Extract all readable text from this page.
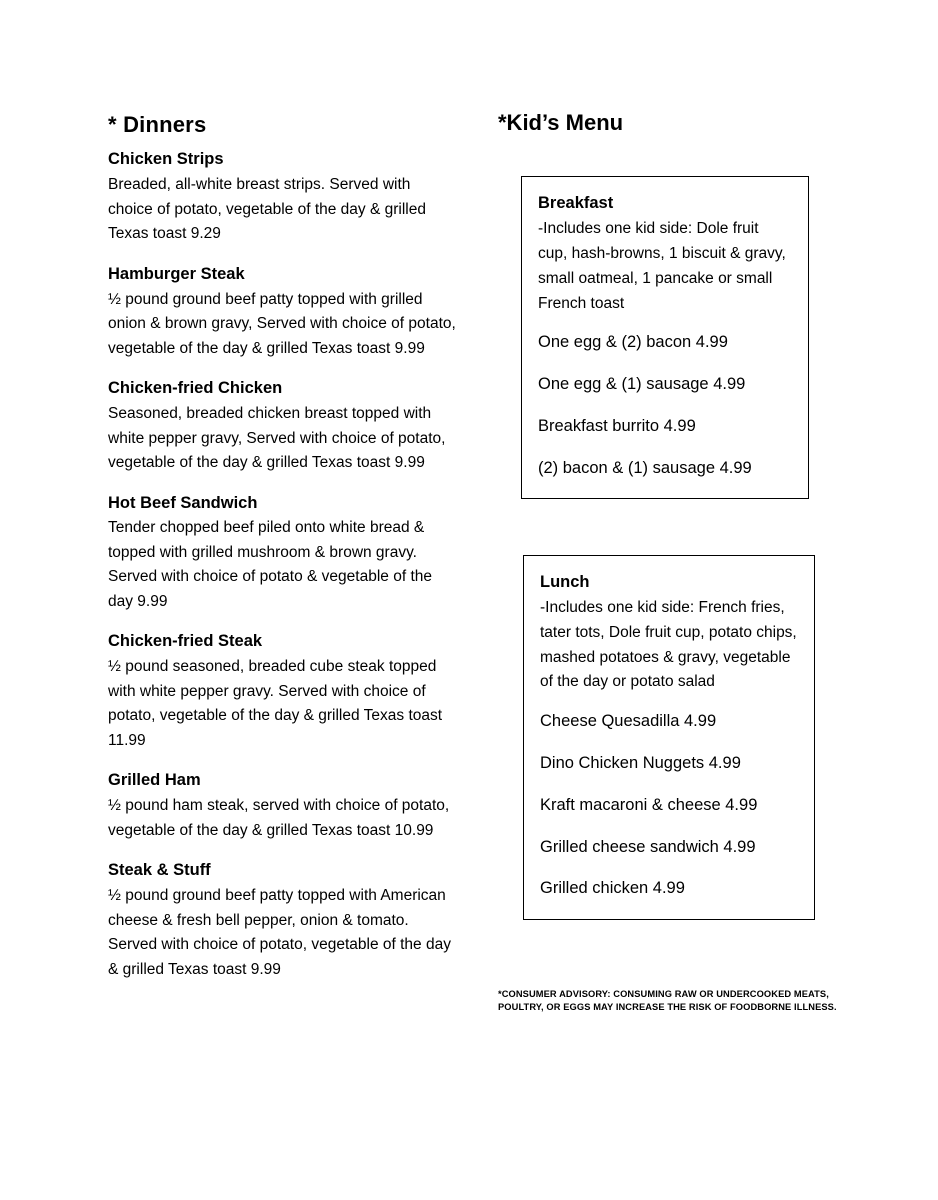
* Dinners
Chicken Strips
Breaded, all-white breast strips. Served with choice of potato, vegetable of the day & grilled Texas toast 9.29
Hamburger Steak
½ pound ground beef patty topped with grilled onion & brown gravy, Served with choice of potato, vegetable of the day & grilled Texas toast 9.99
Chicken-fried Chicken
Seasoned, breaded chicken breast topped with white pepper gravy, Served with choice of potato, vegetable of the day & grilled Texas toast 9.99
Hot Beef Sandwich
Tender chopped beef piled onto white bread & topped with grilled mushroom & brown gravy. Served with choice of potato & vegetable of the day 9.99
Chicken-fried Steak
½ pound seasoned, breaded cube steak topped with white pepper gravy. Served with choice of potato, vegetable of the day & grilled Texas toast 11.99
Grilled Ham
½ pound ham steak, served with choice of potato, vegetable of the day & grilled Texas toast 10.99
Steak & Stuff
½ pound ground beef patty topped with American cheese & fresh bell pepper, onion & tomato. Served with choice of potato, vegetable of the day & grilled Texas toast 9.99
*Kid’s Menu
Breakfast
-Includes one kid side: Dole fruit cup, hash-browns, 1 biscuit & gravy, small oatmeal, 1 pancake or small French toast
One egg & (2) bacon 4.99
One egg & (1) sausage 4.99
Breakfast burrito 4.99
(2) bacon & (1) sausage 4.99
Lunch
-Includes one kid side: French fries, tater tots, Dole fruit cup, potato chips, mashed potatoes & gravy, vegetable of the day or potato salad
Cheese Quesadilla 4.99
Dino Chicken Nuggets 4.99
Kraft macaroni & cheese 4.99
Grilled cheese sandwich 4.99
Grilled chicken 4.99
*CONSUMER ADVISORY: CONSUMING RAW OR UNDERCOOKED MEATS, POULTRY, OR EGGS MAY INCREASE THE RISK OF FOODBORNE ILLNESS.
